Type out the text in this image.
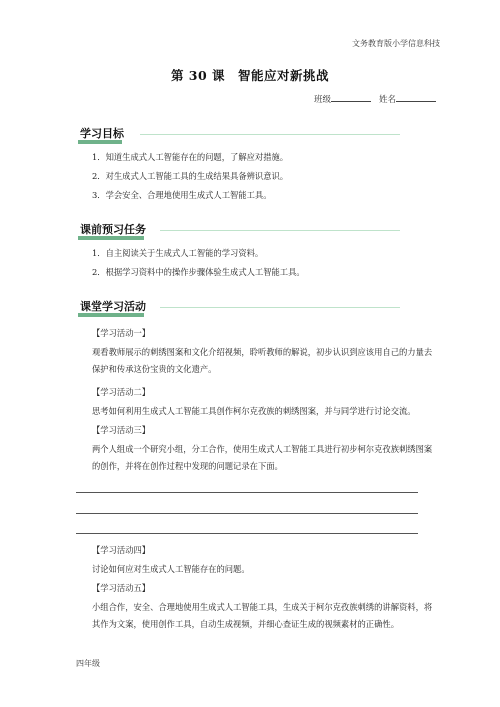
文务教育版小学信息科技
第 30 课　智能应对新挑战
班级	姓名
学习目标
1．知道生成式人工智能存在的问题，了解应对措施。
2．对生成式人工智能工具的生成结果具备辨识意识。
3．学会安全、合理地使用生成式人工智能工具。
课前预习任务
1．自主阅读关于生成式人工智能的学习资料。
2．根据学习资料中的操作步骤体验生成式人工智能工具。
课堂学习活动
【学习活动一】
观看教师展示的刺绣图案和文化介绍视频，聆听教师的解说，初步认识到应该用自己的力量去保护和传承这份宝贵的文化遗产。
【学习活动二】
思考如何利用生成式人工智能工具创作柯尔克孜族的刺绣图案，并与同学进行讨论交流。
【学习活动三】
两个人组成一个研究小组，分工合作，使用生成式人工智能工具进行初步柯尔克孜族刺绣图案的创作，并将在创作过程中发现的问题记录在下面。
【学习活动四】
讨论如何应对生成式人工智能存在的问题。
【学习活动五】
小组合作，安全、合理地使用生成式人工智能工具，生成关于柯尔克孜族刺绣的讲解资料，将其作为文案，使用创作工具，自动生成视频，并细心查证生成的视频素材的正确性。
四年级
